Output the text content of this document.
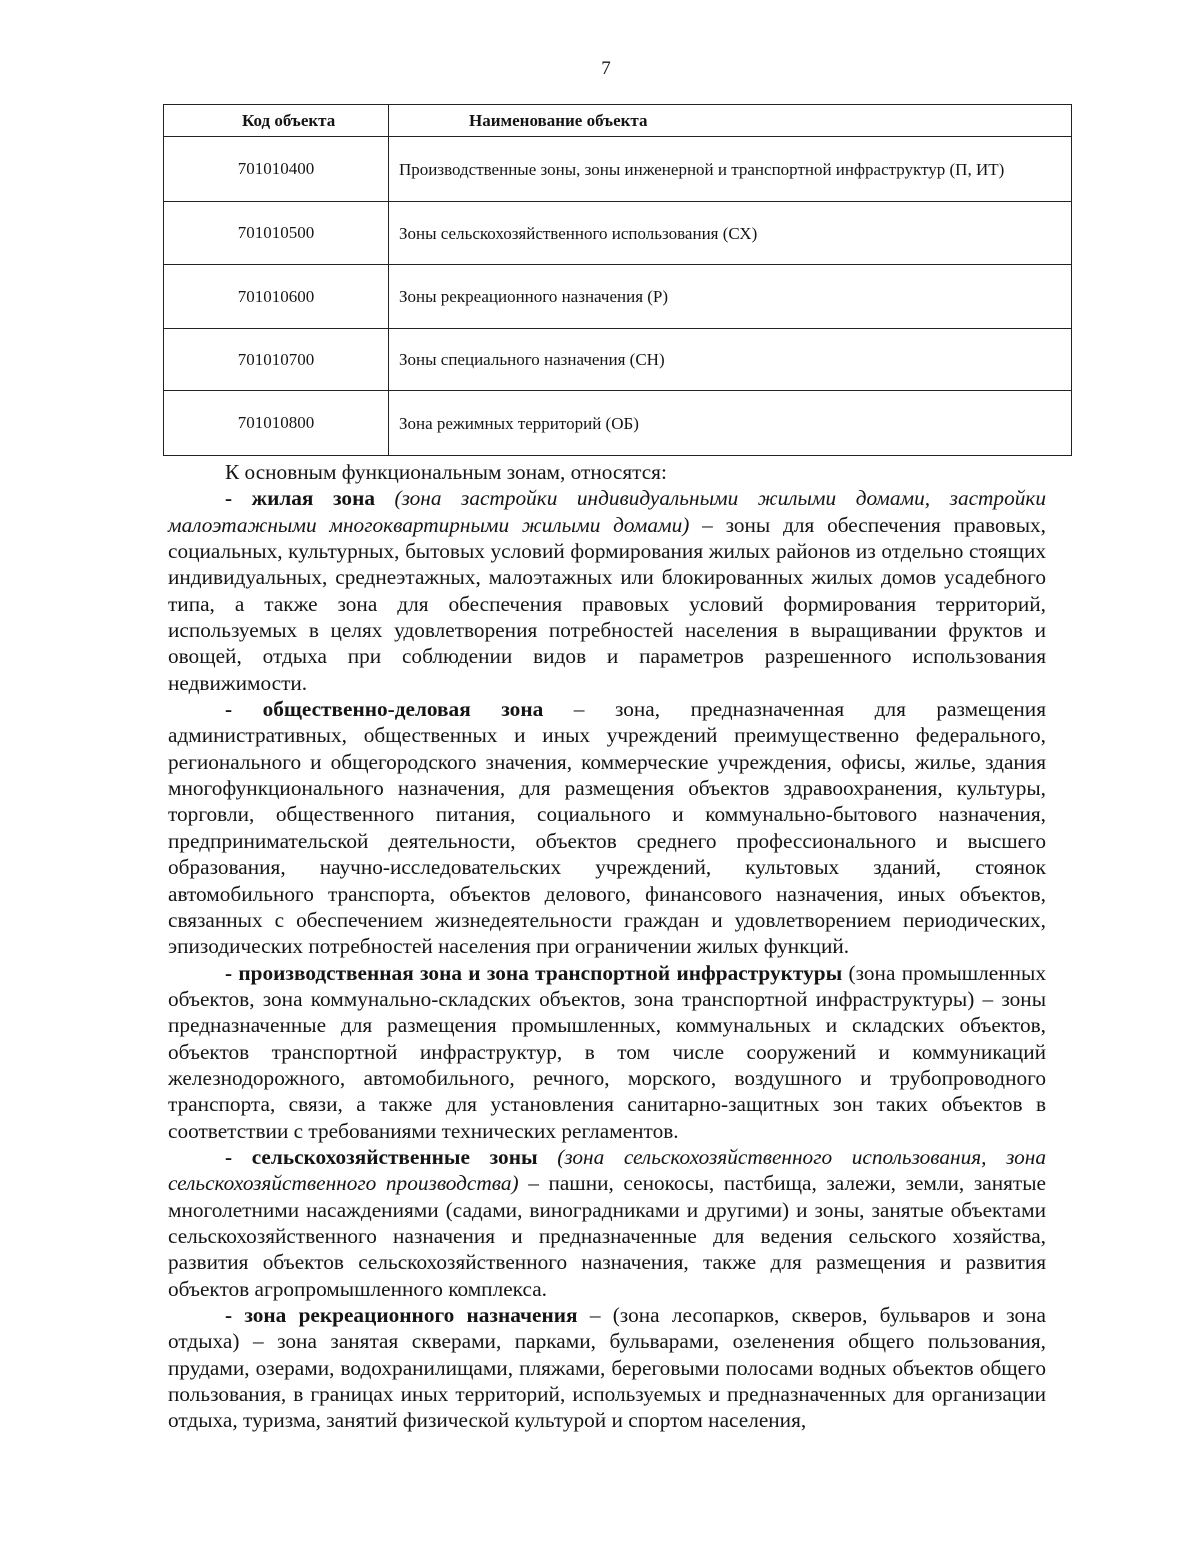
7
Код объекта	Наименование объекта
701010400	Производственные зоны, зоны инженерной и транспортной инфраструктур (П, ИТ)
701010500	Зоны сельскохозяйственного использования (СХ)
701010600	Зоны рекреационного назначения (Р)
701010700	Зоны специального назначения (СН)
701010800	Зона режимных территорий (ОБ)

К основным функциональным зонам, относятся:

- жилая зона (зона застройки индивидуальными жилыми домами, застройки малоэтажными многоквартирными жилыми домами) – зоны для обеспечения правовых, социальных, культурных, бытовых условий формирования жилых районов из отдельно стоящих индивидуальных, среднеэтажных, малоэтажных или блокированных жилых домов усадебного типа, а также зона для обеспечения правовых условий формирования территорий, используемых в целях удовлетворения потребностей населения в выращивании фруктов и овощей, отдыха при соблюдении видов и параметров разрешенного использования недвижимости.

- общественно-деловая зона – зона, предназначенная для размещения административных, общественных и иных учреждений преимущественно федерального, регионального и общегородского значения, коммерческие учреждения, офисы, жилье, здания многофункционального назначения, для размещения объектов здравоохранения, культуры, торговли, общественного питания, социального и коммунально-бытового назначения, предпринимательской деятельности, объектов среднего профессионального и высшего образования, научно-исследовательских учреждений, культовых зданий, стоянок автомобильного транспорта, объектов делового, финансового назначения, иных объектов, связанных с обеспечением жизнедеятельности граждан и удовлетворением периодических, эпизодических потребностей населения при ограничении жилых функций.

- производственная зона и зона транспортной инфраструктуры (зона промышленных объектов, зона коммунально-складских объектов, зона транспортной инфраструктуры) – зоны предназначенные для размещения промышленных, коммунальных и складских объектов, объектов транспортной инфраструктур, в том числе сооружений и коммуникаций железнодорожного, автомобильного, речного, морского, воздушного и трубопроводного транспорта, связи, а также для установления санитарно-защитных зон таких объектов в соответствии с требованиями технических регламентов.

- сельскохозяйственные зоны (зона сельскохозяйственного использования, зона сельскохозяйственного производства) – пашни, сенокосы, пастбища, залежи, земли, занятые многолетними насаждениями (садами, виноградниками и другими) и зоны, занятые объектами сельскохозяйственного назначения и предназначенные для ведения сельского хозяйства, развития объектов сельскохозяйственного назначения, также для размещения и развития объектов агропромышленного комплекса.

- зона рекреационного назначения – (зона лесопарков, скверов, бульваров и зона отдыха) – зона занятая скверами, парками, бульварами, озеленения общего пользования, прудами, озерами, водохранилищами, пляжами, береговыми полосами водных объектов общего пользования, в границах иных территорий, используемых и предназначенных для организации отдыха, туризма, занятий физической культурой и спортом населения,
